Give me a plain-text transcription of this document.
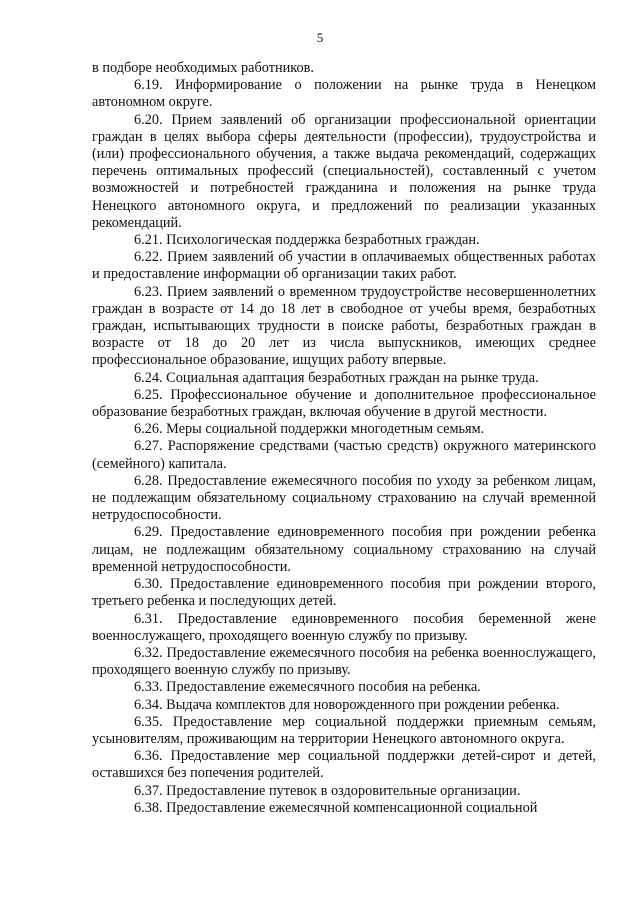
5

в подборе необходимых работников.

6.19. Информирование о положении на рынке труда в Ненецком автономном округе.

6.20. Прием заявлений об организации профессиональной ориентации граждан в целях выбора сферы деятельности (профессии), трудоустройства и (или) профессионального обучения, а также выдача рекомендаций, содержащих перечень оптимальных профессий (специальностей), составленный с учетом возможностей и потребностей гражданина и положения на рынке труда Ненецкого автономного округа, и предложений по реализации указанных рекомендаций.

6.21. Психологическая поддержка безработных граждан.

6.22. Прием заявлений об участии в оплачиваемых общественных работах и предоставление информации об организации таких работ.

6.23. Прием заявлений о временном трудоустройстве несовершеннолетних граждан в возрасте от 14 до 18 лет в свободное от учебы время, безработных граждан, испытывающих трудности в поиске работы, безработных граждан в возрасте от 18 до 20 лет из числа выпускников, имеющих среднее профессиональное образование, ищущих работу впервые.

6.24. Социальная адаптация безработных граждан на рынке труда.

6.25. Профессиональное обучение и дополнительное профессиональное образование безработных граждан, включая обучение в другой местности.

6.26. Меры социальной поддержки многодетным семьям.

6.27. Распоряжение средствами (частью средств) окружного материнского (семейного) капитала.

6.28. Предоставление ежемесячного пособия по уходу за ребенком лицам, не подлежащим обязательному социальному страхованию на случай временной нетрудоспособности.

6.29. Предоставление единовременного пособия при рождении ребенка лицам, не подлежащим обязательному социальному страхованию на случай временной нетрудоспособности.

6.30. Предоставление единовременного пособия при рождении второго, третьего ребенка и последующих детей.

6.31. Предоставление единовременного пособия беременной жене военнослужащего, проходящего военную службу по призыву.

6.32. Предоставление ежемесячного пособия на ребенка военнослужащего, проходящего военную службу по призыву.

6.33. Предоставление ежемесячного пособия на ребенка.

6.34. Выдача комплектов для новорожденного при рождении ребенка.

6.35. Предоставление мер социальной поддержки приемным семьям, усыновителям, проживающим на территории Ненецкого автономного округа.

6.36. Предоставление мер социальной поддержки детей-сирот и детей, оставшихся без попечения родителей.

6.37. Предоставление путевок в оздоровительные организации.

6.38. Предоставление ежемесячной компенсационной социальной
